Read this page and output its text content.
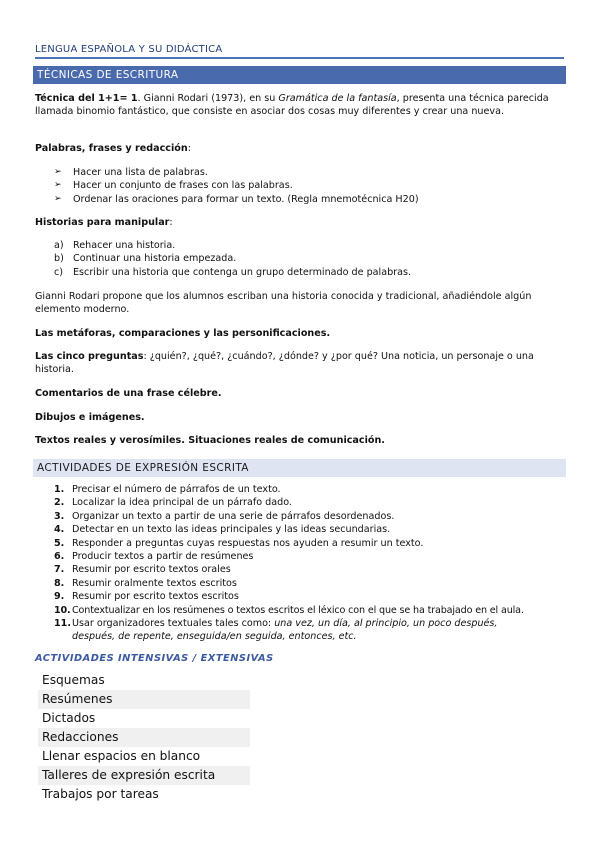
LENGUA ESPAÑOLA Y SU DIDÁCTICA
TÉCNICAS DE ESCRITURA
Técnica del 1+1= 1. Gianni Rodari (1973), en su Gramática de la fantasía, presenta una técnica parecida llamada binomio fantástico, que consiste en asociar dos cosas muy diferentes y crear una nueva.
Palabras, frases y redacción:
➢ Hacer una lista de palabras.
➢ Hacer un conjunto de frases con las palabras.
➢ Ordenar las oraciones para formar un texto. (Regla mnemotécnica H20)
Historias para manipular:
a) Rehacer una historia.
b) Continuar una historia empezada.
c) Escribir una historia que contenga un grupo determinado de palabras.
Gianni Rodari propone que los alumnos escriban una historia conocida y tradicional, añadiéndole algún elemento moderno.
Las metáforas, comparaciones y las personificaciones.
Las cinco preguntas: ¿quién?, ¿qué?, ¿cuándo?, ¿dónde? y ¿por qué? Una noticia, un personaje o una historia.
Comentarios de una frase célebre.
Dibujos e imágenes.
Textos reales y verosímiles. Situaciones reales de comunicación.
ACTIVIDADES DE EXPRESIÓN ESCRITA
1. Precisar el número de párrafos de un texto.
2. Localizar la idea principal de un párrafo dado.
3. Organizar un texto a partir de una serie de párrafos desordenados.
4. Detectar en un texto las ideas principales y las ideas secundarias.
5. Responder a preguntas cuyas respuestas nos ayuden a resumir un texto.
6. Producir textos a partir de resúmenes
7. Resumir por escrito textos orales
8. Resumir oralmente textos escritos
9. Resumir por escrito textos escritos
10. Contextualizar en los resúmenes o textos escritos el léxico con el que se ha trabajado en el aula.
11. Usar organizadores textuales tales como: una vez, un día, al principio, un poco después,
después, de repente, enseguida/en seguida, entonces, etc.
ACTIVIDADES INTENSIVAS / EXTENSIVAS
Esquemas
Resúmenes
Dictados
Redacciones
Llenar espacios en blanco
Talleres de expresión escrita
Trabajos por tareas
